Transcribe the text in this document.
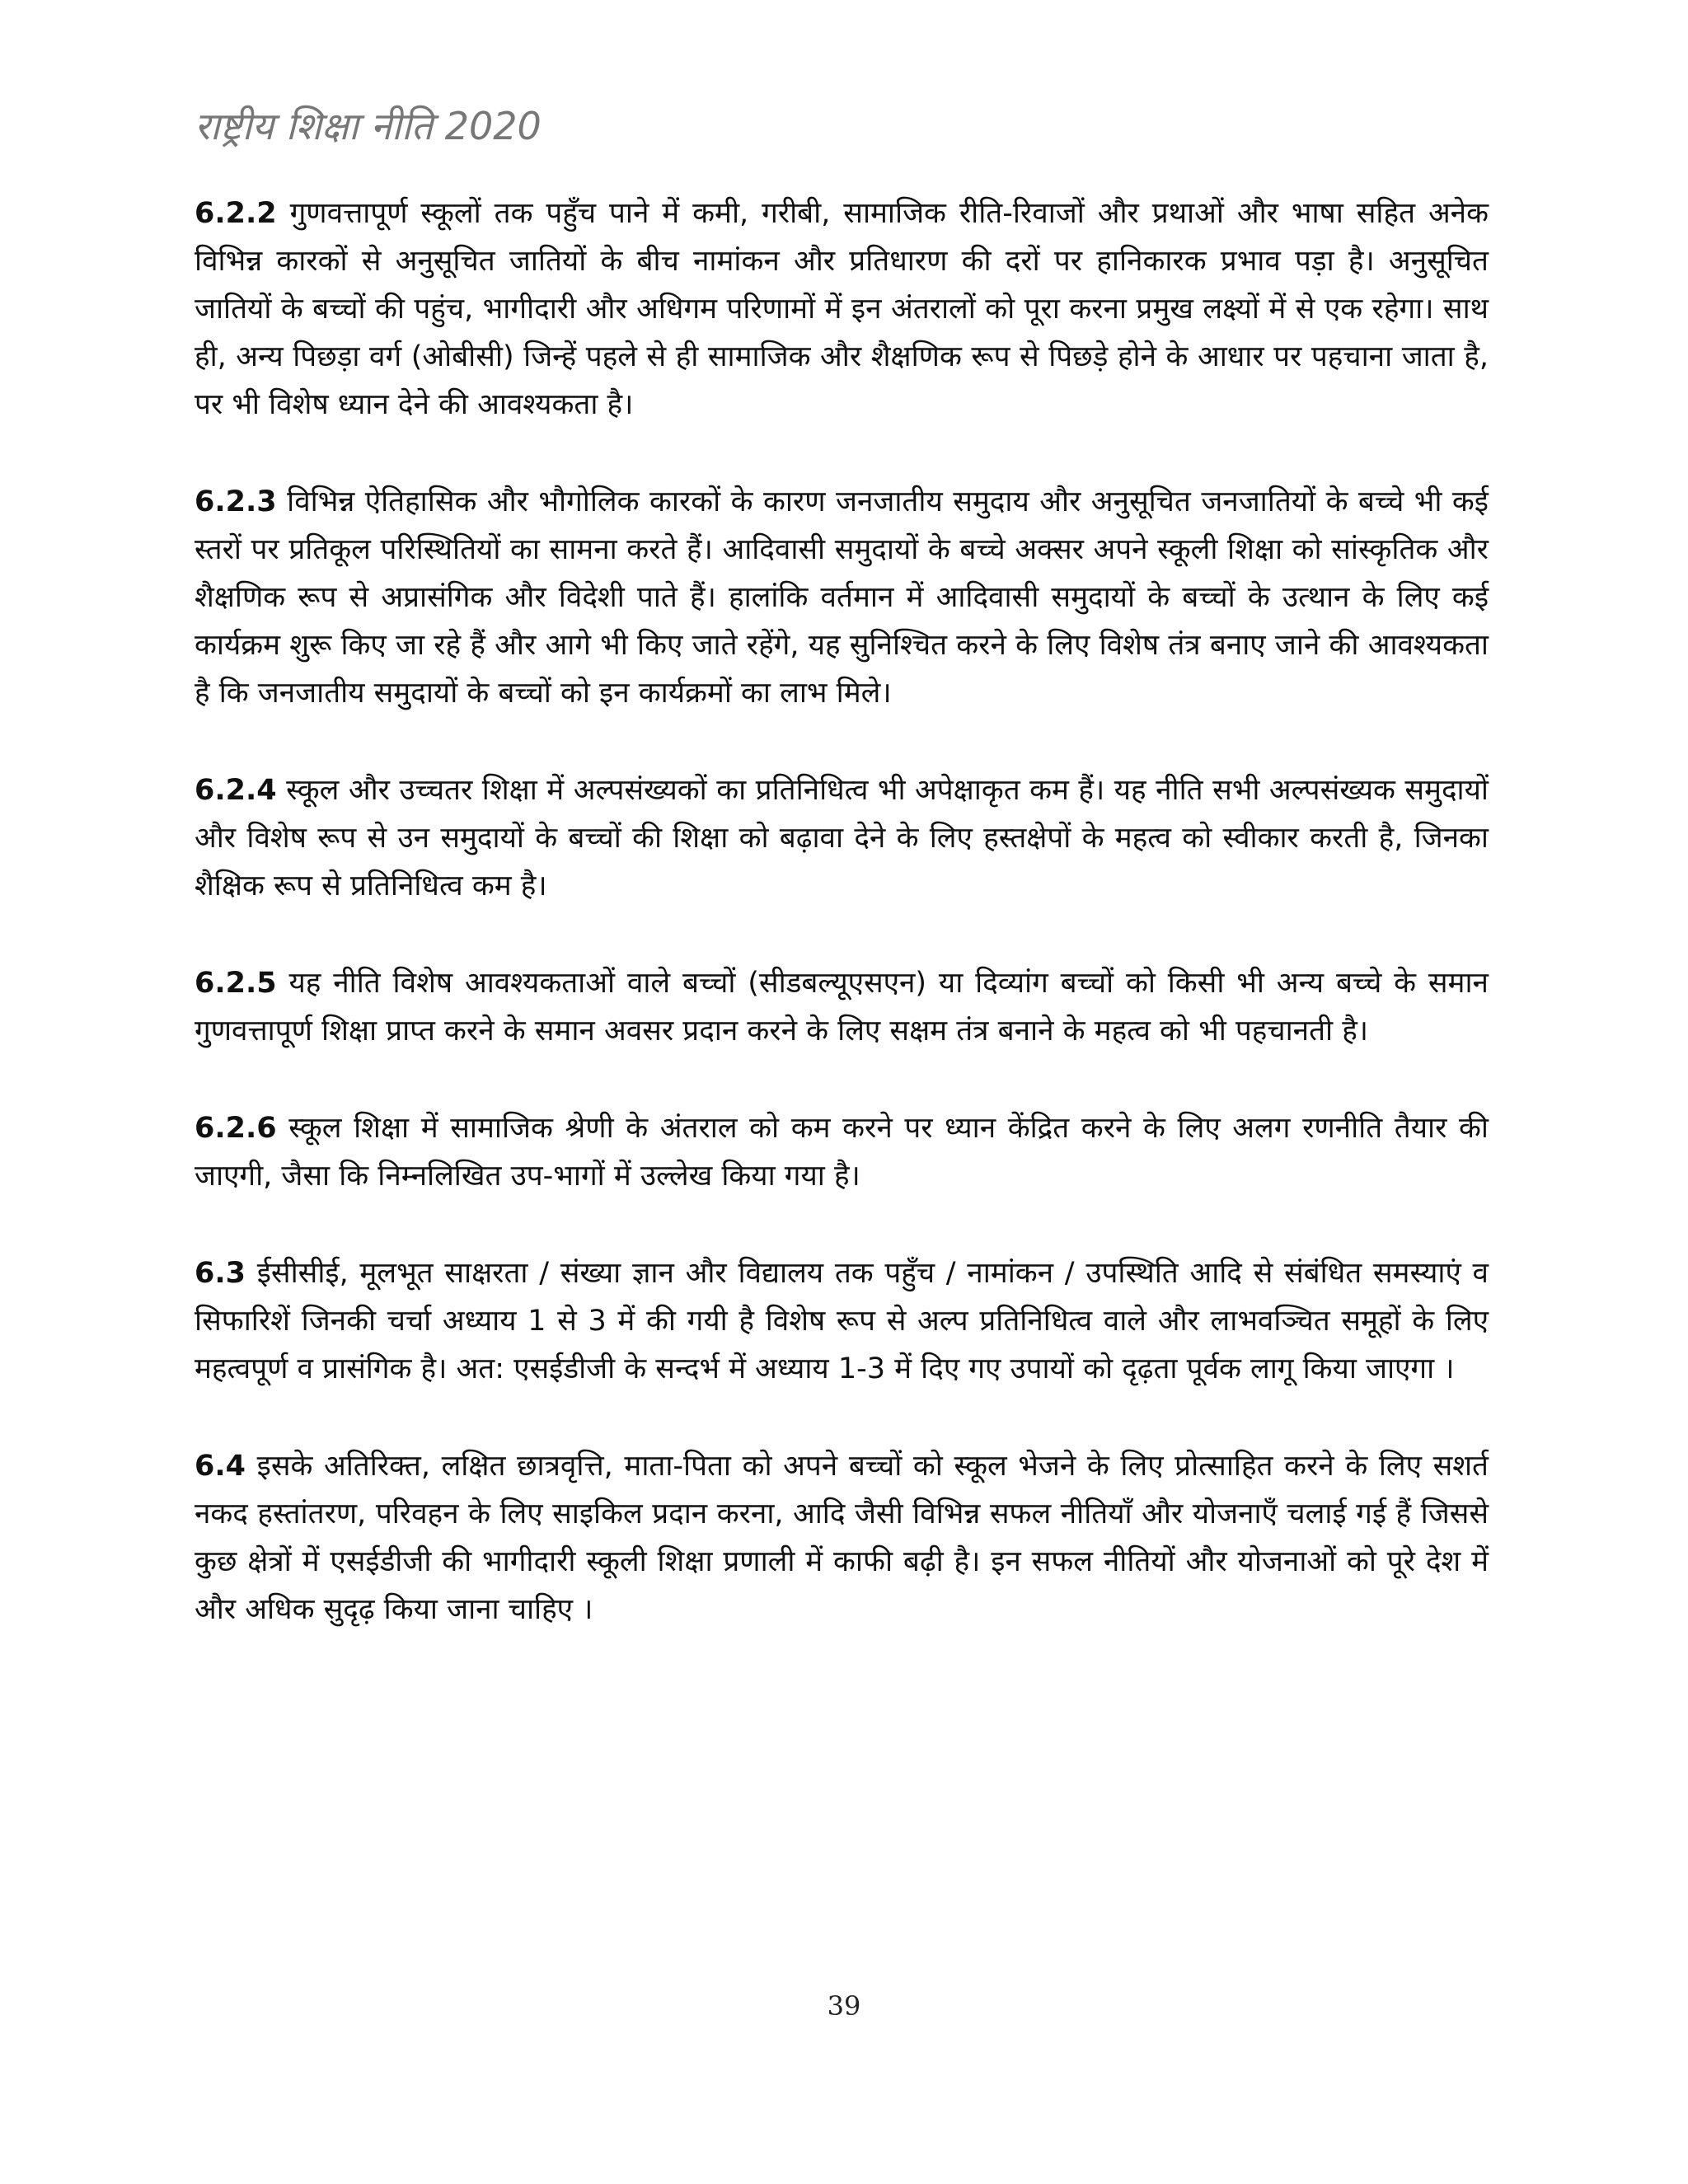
राष्ट्रीय शिक्षा नीति 2020

6.2.2 गुणवत्तापूर्ण स्कूलों तक पहुँच पाने में कमी, गरीबी, सामाजिक रीति-रिवाजों और प्रथाओं और भाषा सहित अनेक विभिन्न कारकों से अनुसूचित जातियों के बीच नामांकन और प्रतिधारण की दरों पर हानिकारक प्रभाव पड़ा है। अनुसूचित जातियों के बच्चों की पहुंच, भागीदारी और अधिगम परिणामों में इन अंतरालों को पूरा करना प्रमुख लक्ष्यों में से एक रहेगा। साथ ही, अन्य पिछड़ा वर्ग (ओबीसी) जिन्हें पहले से ही सामाजिक और शैक्षणिक रूप से पिछड़े होने के आधार पर पहचाना जाता है, पर भी विशेष ध्यान देने की आवश्यकता है।

6.2.3 विभिन्न ऐतिहासिक और भौगोलिक कारकों के कारण जनजातीय समुदाय और अनुसूचित जनजातियों के बच्चे भी कई स्तरों पर प्रतिकूल परिस्थितियों का सामना करते हैं। आदिवासी समुदायों के बच्चे अक्सर अपने स्कूली शिक्षा को सांस्कृतिक और शैक्षणिक रूप से अप्रासंगिक और विदेशी पाते हैं। हालांकि वर्तमान में आदिवासी समुदायों के बच्चों के उत्थान के लिए कई कार्यक्रम शुरू किए जा रहे हैं और आगे भी किए जाते रहेंगे, यह सुनिश्चित करने के लिए विशेष तंत्र बनाए जाने की आवश्यकता है कि जनजातीय समुदायों के बच्चों को इन कार्यक्रमों का लाभ मिले।

6.2.4 स्कूल और उच्चतर शिक्षा में अल्पसंख्यकों का प्रतिनिधित्व भी अपेक्षाकृत कम हैं। यह नीति सभी अल्पसंख्यक समुदायों और विशेष रूप से उन समुदायों के बच्चों की शिक्षा को बढ़ावा देने के लिए हस्तक्षेपों के महत्व को स्वीकार करती है, जिनका शैक्षिक रूप से प्रतिनिधित्व कम है।

6.2.5 यह नीति विशेष आवश्यकताओं वाले बच्चों (सीडबल्यूएसएन) या दिव्यांग बच्चों को किसी भी अन्य बच्चे के समान गुणवत्तापूर्ण शिक्षा प्राप्त करने के समान अवसर प्रदान करने के लिए सक्षम तंत्र बनाने के महत्व को भी पहचानती है।

6.2.6 स्कूल शिक्षा में सामाजिक श्रेणी के अंतराल को कम करने पर ध्यान केंद्रित करने के लिए अलग रणनीति तैयार की जाएगी, जैसा कि निम्नलिखित उप-भागों में उल्लेख किया गया है।

6.3 ईसीसीई, मूलभूत साक्षरता / संख्या ज्ञान और विद्यालय तक पहुँच / नामांकन / उपस्थिति आदि से संबंधित समस्याएं व सिफारिशें जिनकी चर्चा अध्याय 1 से 3 में की गयी है विशेष रूप से अल्प प्रतिनिधित्व वाले और लाभवञ्चित समूहों के लिए महत्वपूर्ण व प्रासंगिक है। अत: एसईडीजी के सन्दर्भ में अध्याय 1-3 में दिए गए उपायों को दृढ़ता पूर्वक लागू किया जाएगा ।

6.4 इसके अतिरिक्त, लक्षित छात्रवृत्ति, माता-पिता को अपने बच्चों को स्कूल भेजने के लिए प्रोत्साहित करने के लिए सशर्त नकद हस्तांतरण, परिवहन के लिए साइकिल प्रदान करना, आदि जैसी विभिन्न सफल नीतियाँ और योजनाएँ चलाई गई हैं जिससे कुछ क्षेत्रों में एसईडीजी की भागीदारी स्कूली शिक्षा प्रणाली में काफी बढ़ी है। इन सफल नीतियों और योजनाओं को पूरे देश में और अधिक सुदृढ़ किया जाना चाहिए ।

39
